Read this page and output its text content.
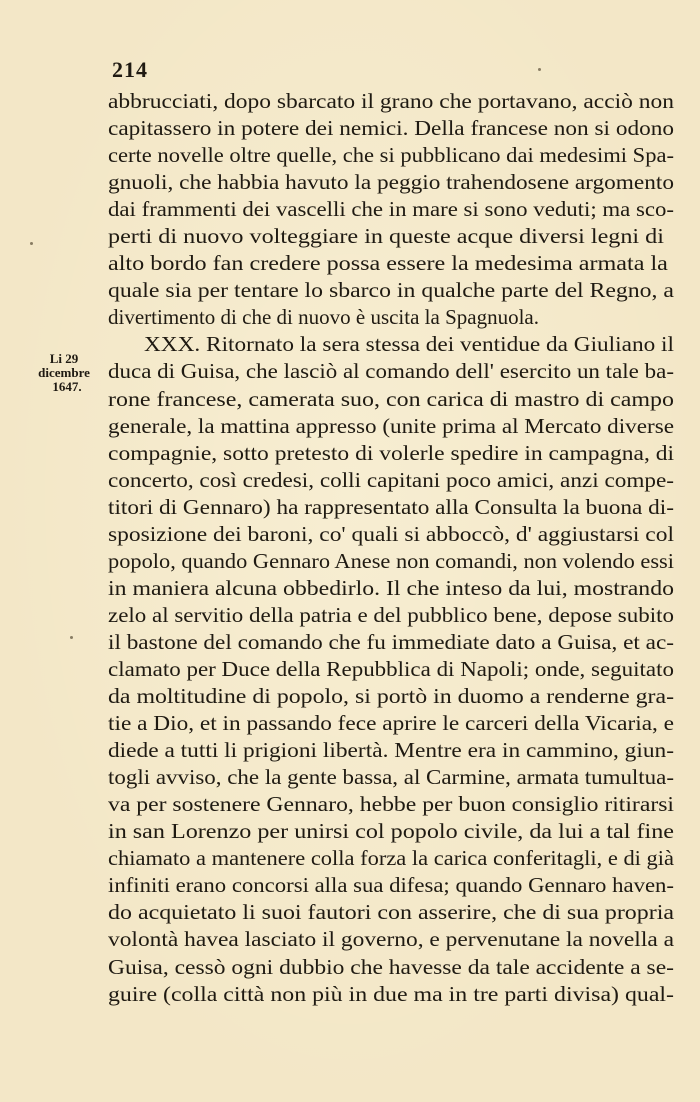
214
Li 29
dicembre
1647.
abbrucciati, dopo sbarcato il grano che portavano, acciò non
capitassero in potere dei nemici. Della francese non si odono
certe novelle oltre quelle, che si pubblicano dai medesimi Spa-
gnuoli, che habbia havuto la peggio trahendosene argomento
dai frammenti dei vascelli che in mare si sono veduti; ma sco-
perti di nuovo volteggiare in queste acque diversi legni di
alto bordo fan credere possa essere la medesima armata la
quale sia per tentare lo sbarco in qualche parte del Regno, a
divertimento di che di nuovo è uscita la Spagnuola.
XXX. Ritornato la sera stessa dei ventidue da Giuliano il
duca di Guisa, che lasciò al comando dell' esercito un tale ba-
rone francese, camerata suo, con carica di mastro di campo
generale, la mattina appresso (unite prima al Mercato diverse
compagnie, sotto pretesto di volerle spedire in campagna, di
concerto, così credesi, colli capitani poco amici, anzi compe-
titori di Gennaro) ha rappresentato alla Consulta la buona di-
sposizione dei baroni, co' quali si abboccò, d' aggiustarsi col
popolo, quando Gennaro Anese non comandi, non volendo essi
in maniera alcuna obbedirlo. Il che inteso da lui, mostrando
zelo al servitio della patria e del pubblico bene, depose subito
il bastone del comando che fu immediate dato a Guisa, et ac-
clamato per Duce della Repubblica di Napoli; onde, seguitato
da moltitudine di popolo, si portò in duomo a renderne gra-
tie a Dio, et in passando fece aprire le carceri della Vicaria, e
diede a tutti li prigioni libertà. Mentre era in cammino, giun-
togli avviso, che la gente bassa, al Carmine, armata tumultua-
va per sostenere Gennaro, hebbe per buon consiglio ritirarsi
in san Lorenzo per unirsi col popolo civile, da lui a tal fine
chiamato a mantenere colla forza la carica conferitagli, e di già
infiniti erano concorsi alla sua difesa; quando Gennaro haven-
do acquietato li suoi fautori con asserire, che di sua propria
volontà havea lasciato il governo, e pervenutane la novella a
Guisa, cessò ogni dubbio che havesse da tale accidente a se-
guire (colla città non più in due ma in tre parti divisa) qual-
